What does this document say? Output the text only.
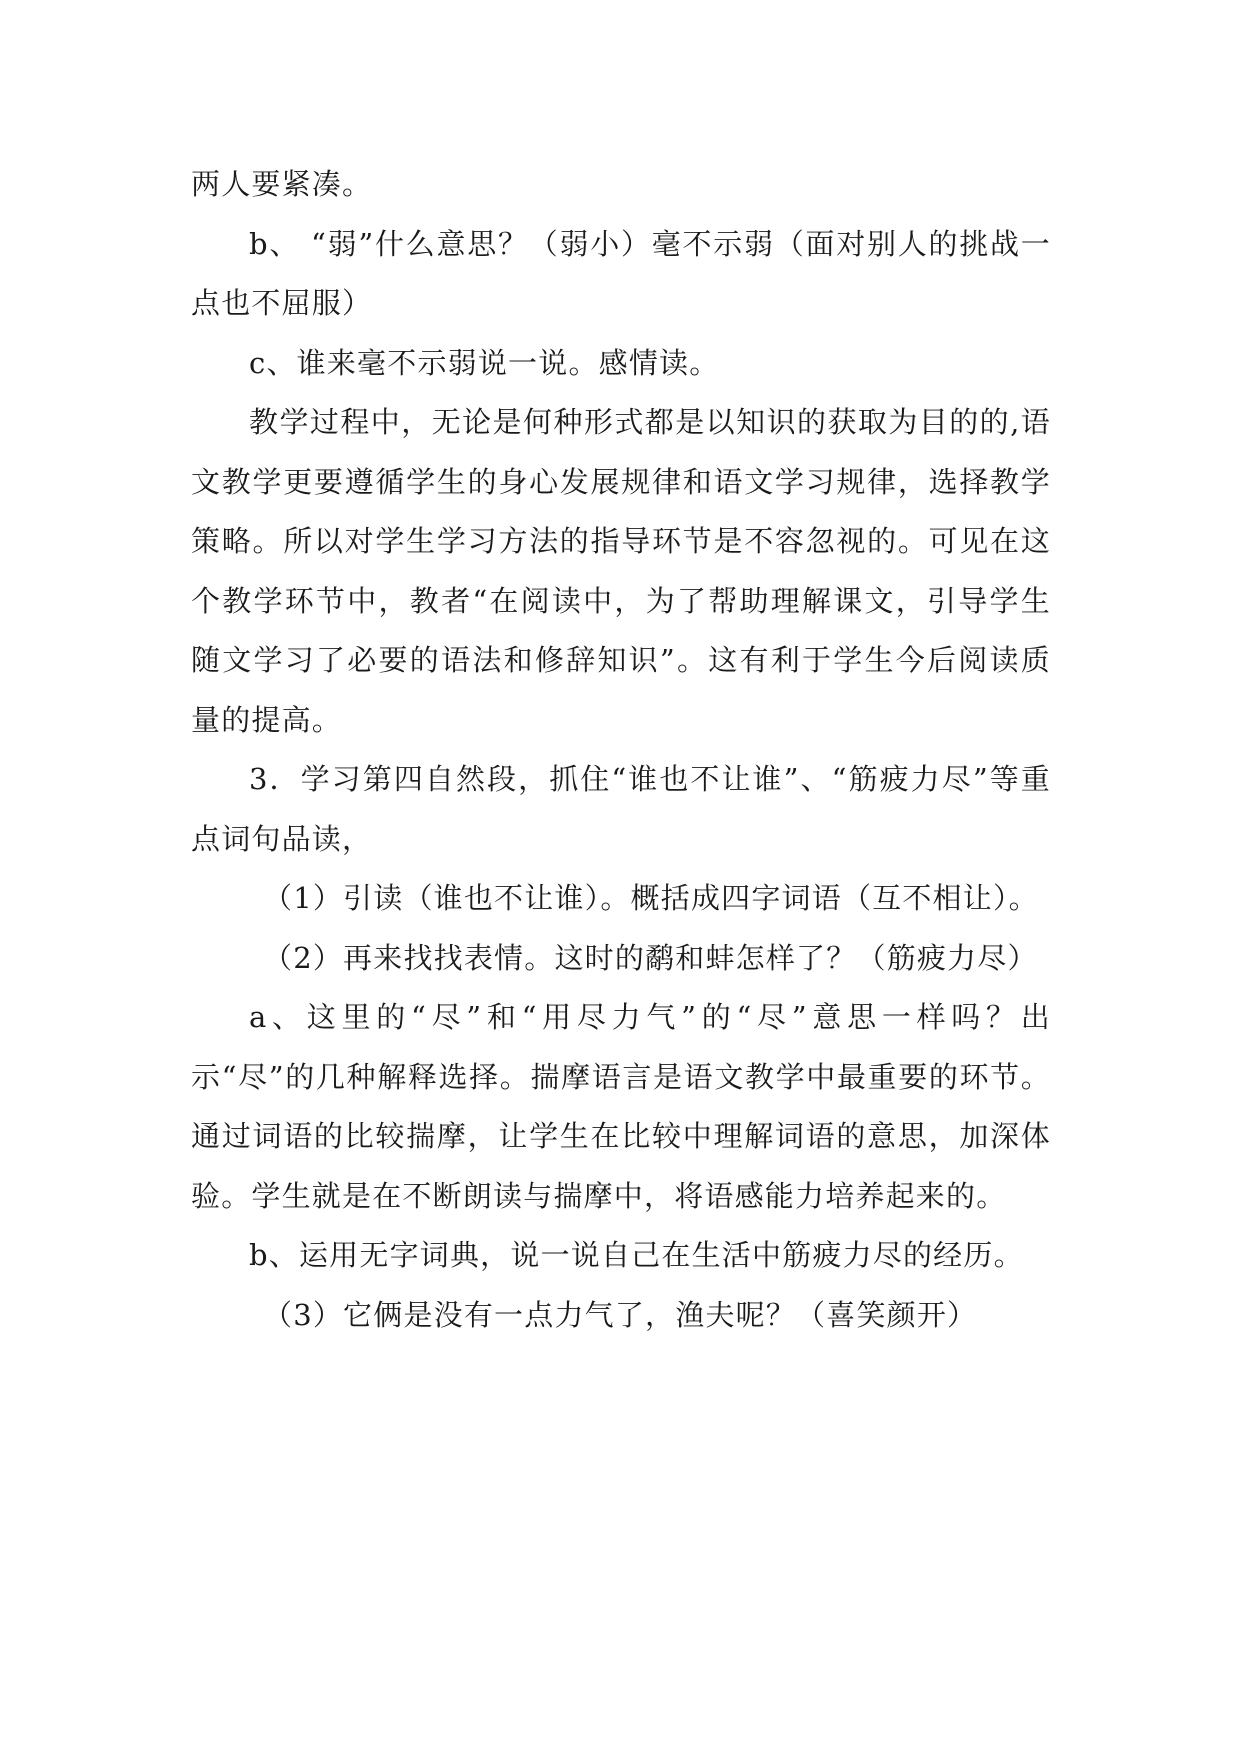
两人要紧凑。

b、 “弱”什么意思？（弱小）毫不示弱（面对别人的挑战一点也不屈服）

c、谁来毫不示弱说一说。感情读。

教学过程中，无论是何种形式都是以知识的获取为目的的,语文教学更要遵循学生的身心发展规律和语文学习规律，选择教学策略。所以对学生学习方法的指导环节是不容忽视的。可见在这个教学环节中，教者“在阅读中，为了帮助理解课文，引导学生随文学习了必要的语法和修辞知识”。这有利于学生今后阅读质量的提高。

3．学习第四自然段，抓住“谁也不让谁”、“筋疲力尽”等重点词句品读，

（1）引读（谁也不让谁）。概括成四字词语（互不相让）。

（2）再来找找表情。这时的鹬和蚌怎样了？（筋疲力尽）

a、这里的“尽”和“用尽力气”的“尽”意思一样吗？出示“尽”的几种解释选择。揣摩语言是语文教学中最重要的环节。通过词语的比较揣摩，让学生在比较中理解词语的意思，加深体验。学生就是在不断朗读与揣摩中，将语感能力培养起来的。

b、运用无字词典，说一说自己在生活中筋疲力尽的经历。

（3）它俩是没有一点力气了，渔夫呢？（喜笑颜开）
